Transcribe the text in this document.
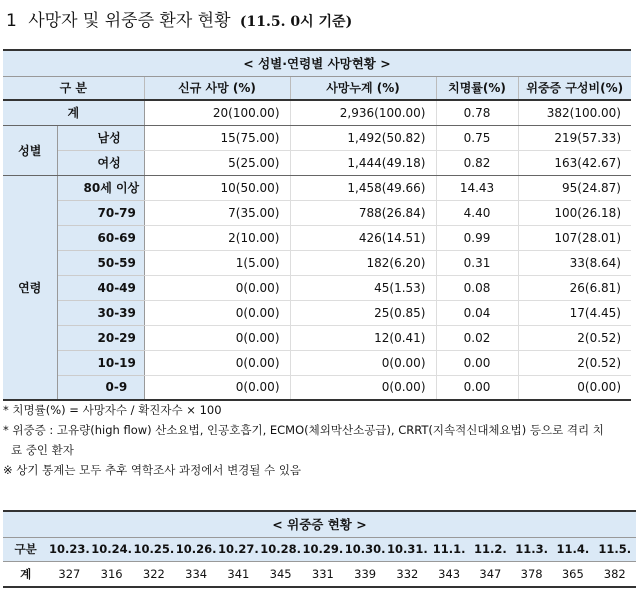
1 사망자 및 위중증 환자 현황 (11.5. 0시 기준)
< 성별·연령별 사망현황 >					
구 분		신규 사망 (%)	사망누계 (%)	치명률(%)	위중증 구성비(%)
계		20(100.00)	2,936(100.00)	0.78	382(100.00)
성별	남성	15(75.00)	1,492(50.82)	0.75	219(57.33)
	여성	5(25.00)	1,444(49.18)	0.82	163(42.67)
연령	80세 이상	10(50.00)	1,458(49.66)	14.43	95(24.87)
	70-79	7(35.00)	788(26.84)	4.40	100(26.18)
	60-69	2(10.00)	426(14.51)	0.99	107(28.01)
	50-59	1(5.00)	182(6.20)	0.31	33(8.64)
	40-49	0(0.00)	45(1.53)	0.08	26(6.81)
	30-39	0(0.00)	25(0.85)	0.04	17(4.45)
	20-29	0(0.00)	12(0.41)	0.02	2(0.52)
	10-19	0(0.00)	0(0.00)	0.00	2(0.52)
	0-9	0(0.00)	0(0.00)	0.00	0(0.00)
* 치명률(%) = 사망자수 / 확진자수 × 100
* 위중증 : 고유량(high flow) 산소요법, 인공호흡기, ECMO(체외막산소공급), CRRT(지속적신대체요법) 등으로 격리 치
료 중인 환자
※ 상기 통계는 모두 추후 역학조사 과정에서 변경될 수 있음
< 위중증 현황 >														
구분	10.23.	10.24.	10.25.	10.26.	10.27.	10.28.	10.29.	10.30.	10.31.	11.1.	11.2.	11.3.	11.4.	11.5.
계	327	316	322	334	341	345	331	339	332	343	347	378	365	382
